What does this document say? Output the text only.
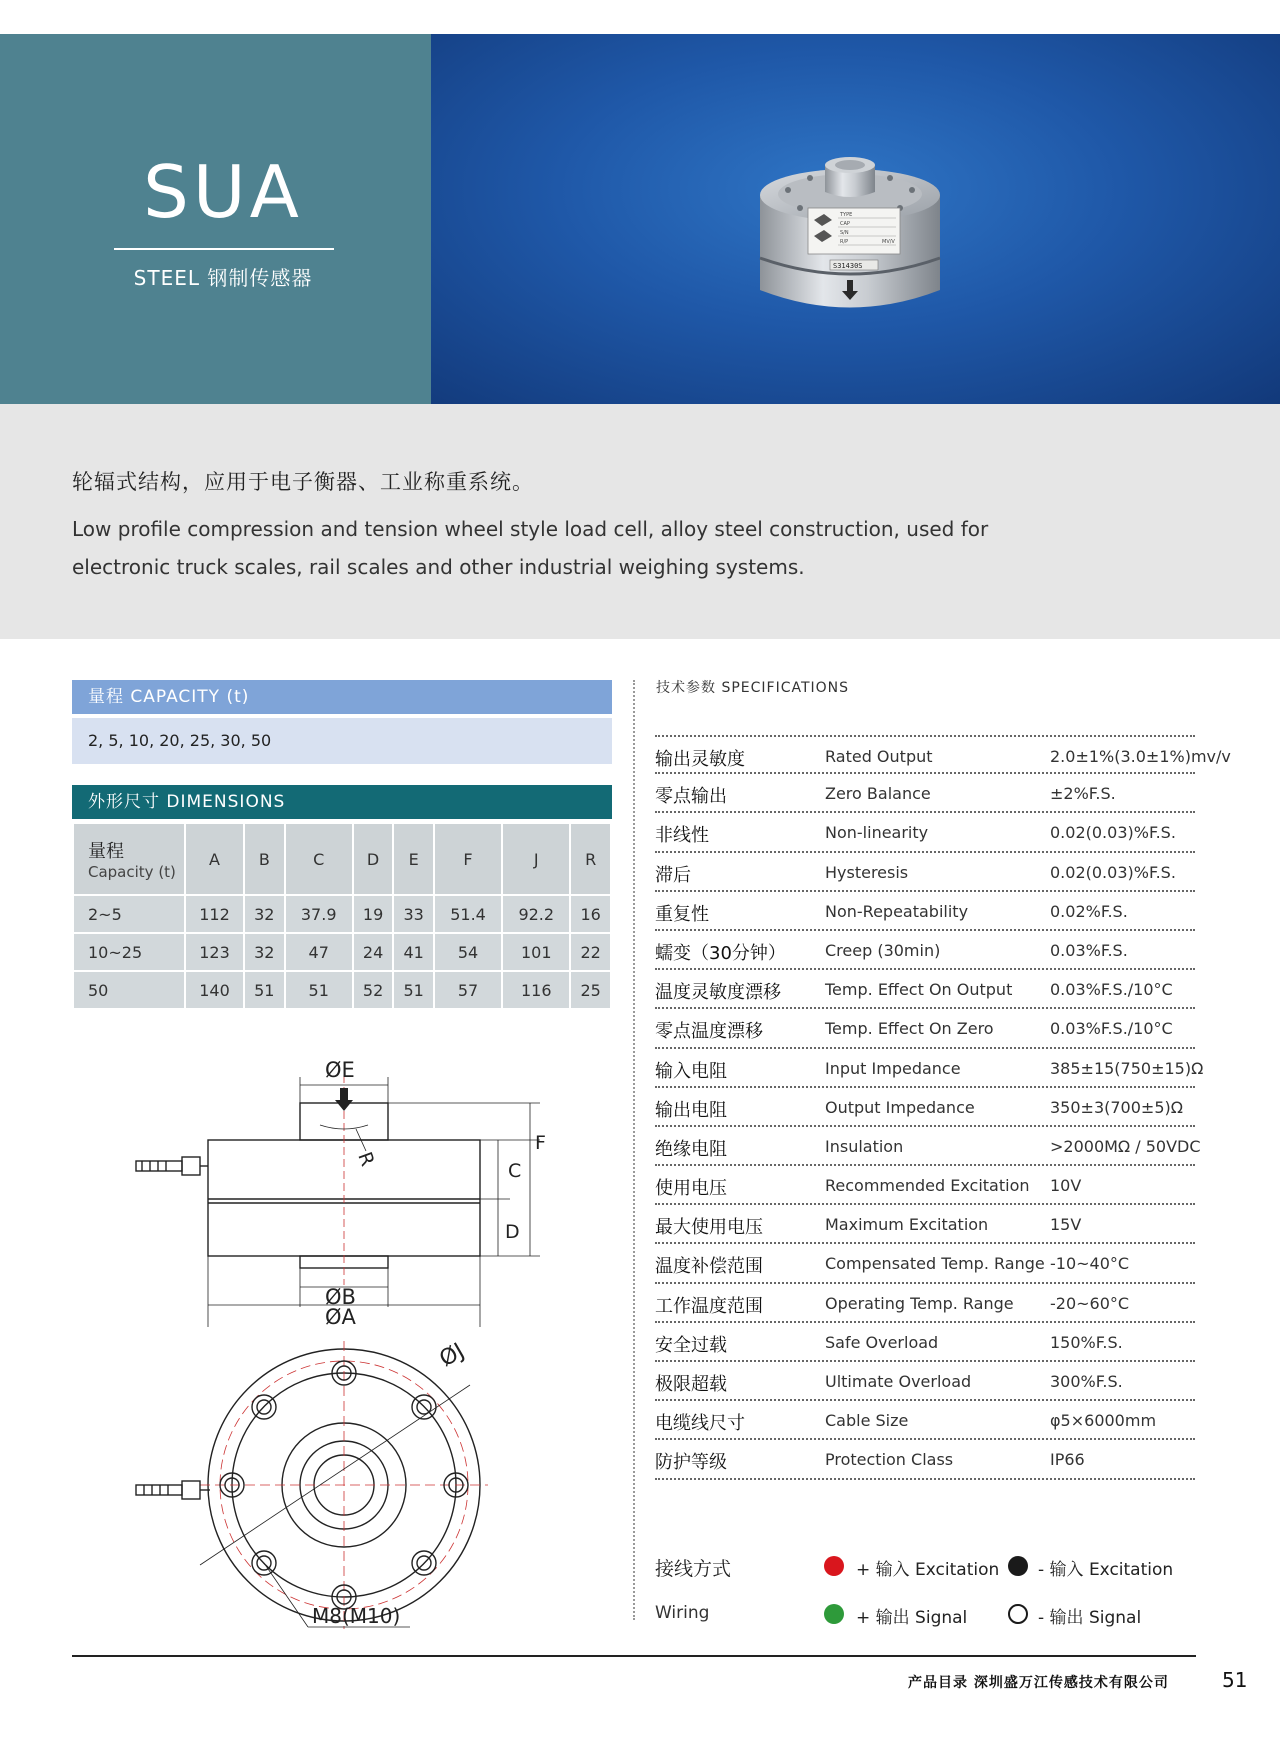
SUA
STEEL 钢制传感器
TYPE
CAP
S/N
R/P	MV/V
S31430S
轮辐式结构，应用于电子衡器、工业称重系统。
Low profile compression and tension wheel style load cell, alloy steel construction, used for electronic truck scales, rail scales and other industrial weighing systems.
量程 CAPACITY (t)
2, 5, 10, 20, 25, 30, 50
外形尺寸 DIMENSIONS
量程
Capacity (t)	A	B	C	D	E	F	J	R
2~5	112	32	37.9	19	33	51.4	92.2	16
10~25	123	32	47	24	41	54	101	22
50	140	51	51	52	51	57	116	25
ØE
R
C
D
F
ØB
ØA
ØJ
M8(M10)
技术参数 SPECIFICATIONS
输出灵敏度	Rated Output	2.0±1%(3.0±1%)mv/v
零点输出	Zero Balance	±2%F.S.
非线性	Non-linearity	0.02(0.03)%F.S.
滞后	Hysteresis	0.02(0.03)%F.S.
重复性	Non-Repeatability	0.02%F.S.
蠕变（30分钟） Creep (30min)	0.03%F.S.
温度灵敏度漂移	Temp. Effect On Output 0.03%F.S./10°C
零点温度漂移	Temp. Effect On Zero	0.03%F.S./10°C
输入电阻	Input Impedance	385±15(750±15)Ω
输出电阻	Output Impedance	350±3(700±5)Ω
绝缘电阻	Insulation	>2000MΩ / 50VDC
使用电压	Recommended Excitation 10V
最大使用电压	Maximum Excitation	15V
温度补偿范围	Compensated Temp. Range -10~40°C
工作温度范围	Operating Temp. Range -20~60°C
安全过载	Safe Overload	150%F.S.
极限超载	Ultimate Overload	300%F.S.
电缆线尺寸	Cable Size	φ5×6000mm
防护等级	Protection Class	IP66
接线方式
Wiring
+ 输入 Excitation - 输入 Excitation
+ 输出 Signal	- 输出 Signal
产品目录 深圳盛万江传感技术有限公司	51
